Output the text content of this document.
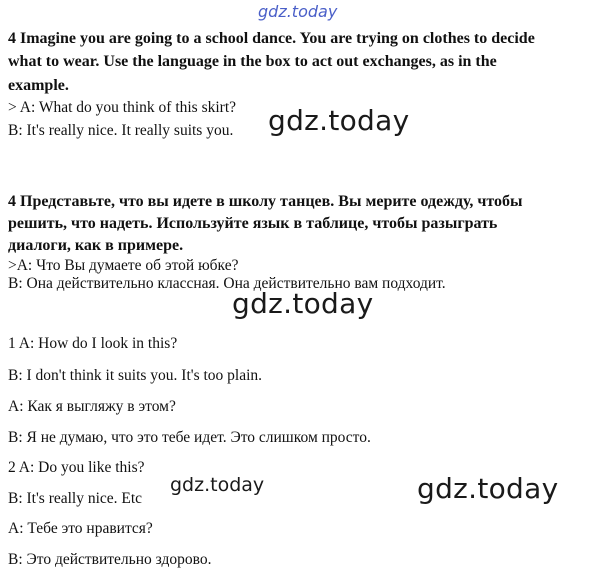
gdz.today
4 Imagine you are going to a school dance. You are trying on clothes to decide
what to wear. Use the language in the box to act out exchanges, as in the
example.
> A: What do you think of this skirt?
B: It's really nice. It really suits you. gdz.today
4 Представьте, что вы идете в школу танцев. Вы мерите одежду, чтобы
решить, что надеть. Используйте язык в таблице, чтобы разыграть
диалоги, как в примере.
>A: Что Вы думаете об этой юбке?
В: Она действительно классная. Она действительно вам подходит.
gdz.today
1 A: How do I look in this?
B: I don't think it suits you. It's too plain.
А: Как я выгляжу в этом?
В: Я не думаю, что это тебе идет. Это слишком просто.
2 A: Do you like this?
B: It's really nice. Etc
А: Тебе это нравится?
В: Это действительно здорово.
gdz.today	gdz.today
